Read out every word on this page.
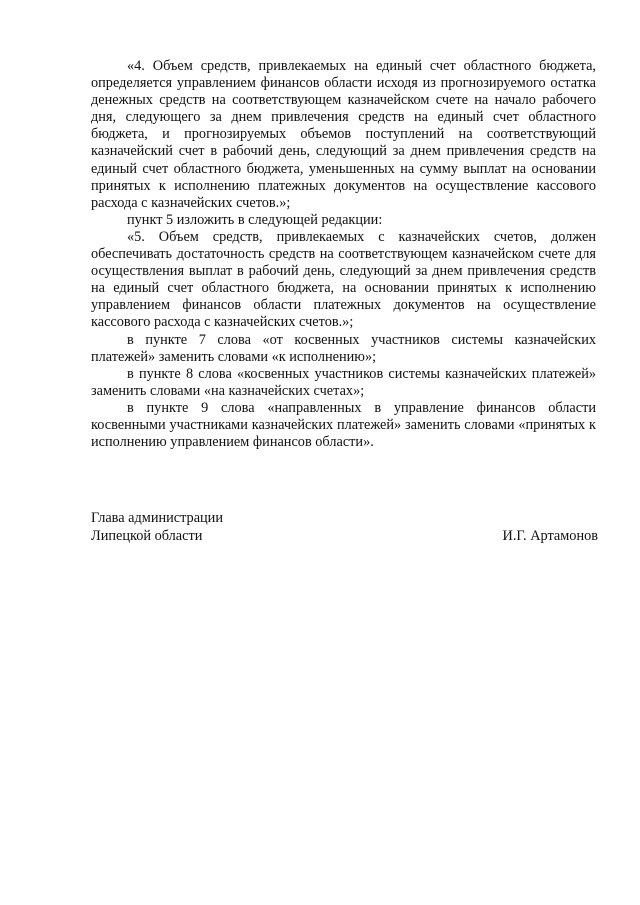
«4. Объем средств, привлекаемых на единый счет областного бюджета, определяется управлением финансов области исходя из прогнозируемого остатка денежных средств на соответствующем казначейском счете на начало рабочего дня, следующего за днем привлечения средств на единый счет областного бюджета, и прогнозируемых объемов поступлений на соответствующий казначейский счет в рабочий день, следующий за днем привлечения средств на единый счет областного бюджета, уменьшенных на сумму выплат на основании принятых к исполнению платежных документов на осуществление кассового расхода с казначейских счетов.»;

пункт 5 изложить в следующей редакции:

«5. Объем средств, привлекаемых с казначейских счетов, должен обеспечивать достаточность средств на соответствующем казначейском счете для осуществления выплат в рабочий день, следующий за днем привлечения средств на единый счет областного бюджета, на основании принятых к исполнению управлением финансов области платежных документов на осуществление кассового расхода с казначейских счетов.»;

в пункте 7 слова «от косвенных участников системы казначейских платежей» заменить словами «к исполнению»;

в пункте 8 слова «косвенных участников системы казначейских платежей» заменить словами «на казначейских счетах»;

в пункте 9 слова «направленных в управление финансов области косвенными участниками казначейских платежей» заменить словами «принятых к исполнению управлением финансов области».

Глава администрации
Липецкой области	И.Г. Артамонов
